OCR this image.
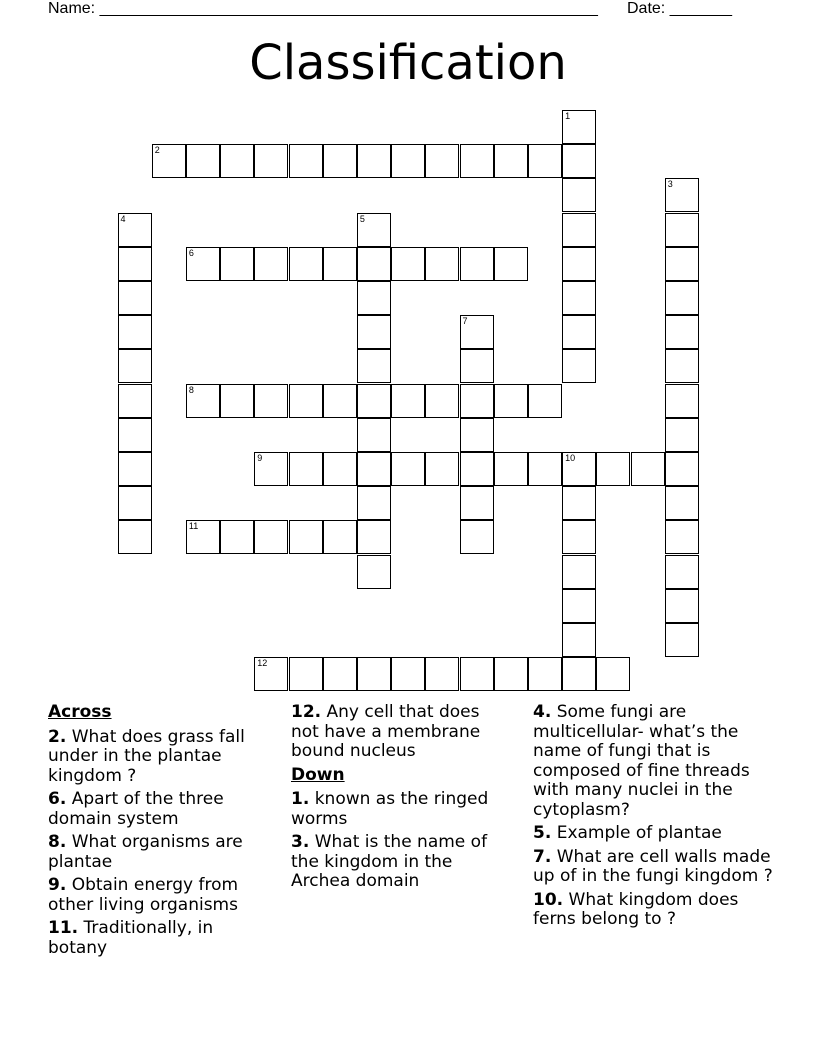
Name: ________________________________________________________ Date: _______
Classification
1
2
3
4	5
6
7
8
9	10
11
12
Across
2. What does grass fall under in the plantae kingdom ?
6. Apart of the three domain system
8. What organisms are plantae
9. Obtain energy from other living organisms
11. Traditionally, in botany
12. Any cell that does not have a membrane bound nucleus
Down
1. known as the ringed worms
3. What is the name of the kingdom in the Archea domain
4. Some fungi are multicellular- what’s the name of fungi that is composed of fine threads with many nuclei in the cytoplasm?
5. Example of plantae
7. What are cell walls made up of in the fungi kingdom ?
10. What kingdom does ferns belong to ?
